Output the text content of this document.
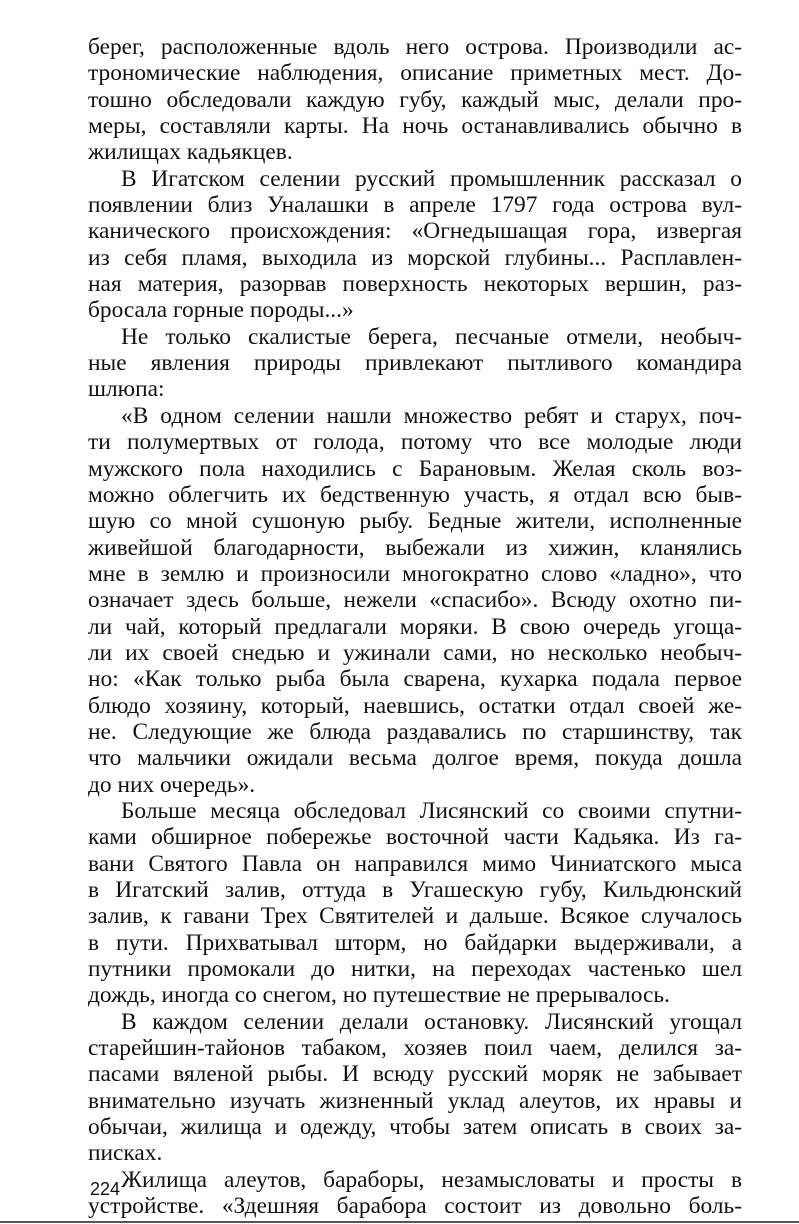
берег, расположенные вдоль него острова. Производили ас-
трономические наблюдения, описание приметных мест. До-
тошно обследовали каждую губу, каждый мыс, делали про-
меры, составляли карты. На ночь останавливались обычно в
жилищах кадьякцев.
В Игатском селении русский промышленник рассказал о
появлении близ Уналашки в апреле 1797 года острова вул-
канического происхождения: «Огнедышащая гора, извергая
из себя пламя, выходила из морской глубины... Расплавлен-
ная материя, разорвав поверхность некоторых вершин, раз-
бросала горные породы...»
Не только скалистые берега, песчаные отмели, необыч-
ные явления природы привлекают пытливого командира
шлюпа:
«В одном селении нашли множество ребят и старух, поч-
ти полумертвых от голода, потому что все молодые люди
мужского пола находились с Барановым. Желая сколь воз-
можно облегчить их бедственную участь, я отдал всю быв-
шую со мной сушоную рыбу. Бедные жители, исполненные
живейшой благодарности, выбежали из хижин, кланялись
мне в землю и произносили многократно слово «ладно», что
означает здесь больше, нежели «спасибо». Всюду охотно пи-
ли чай, который предлагали моряки. В свою очередь угоща-
ли их своей снедью и ужинали сами, но несколько необыч-
но: «Как только рыба была сварена, кухарка подала первое
блюдо хозяину, который, наевшись, остатки отдал своей же-
не. Следующие же блюда раздавались по старшинству, так
что мальчики ожидали весьма долгое время, покуда дошла
до них очередь».
Больше месяца обследовал Лисянский со своими спутни-
ками обширное побережье восточной части Кадьяка. Из га-
вани Святого Павла он направился мимо Чиниатского мыса
в Игатский залив, оттуда в Угашескую губу, Кильдюнский
залив, к гавани Трех Святителей и дальше. Всякое случалось
в пути. Прихватывал шторм, но байдарки выдерживали, а
путники промокали до нитки, на переходах частенько шел
дождь, иногда со снегом, но путешествие не прерывалось.
В каждом селении делали остановку. Лисянский угощал
старейшин-тайонов табаком, хозяев поил чаем, делился за-
пасами вяленой рыбы. И всюду русский моряк не забывает
внимательно изучать жизненный уклад алеутов, их нравы и
обычаи, жилища и одежду, чтобы затем описать в своих за-
писках.
Жилища алеутов, барабoры, незамысловаты и просты в
устройстве. «Здешняя барабора состоит из довольно боль-
224
